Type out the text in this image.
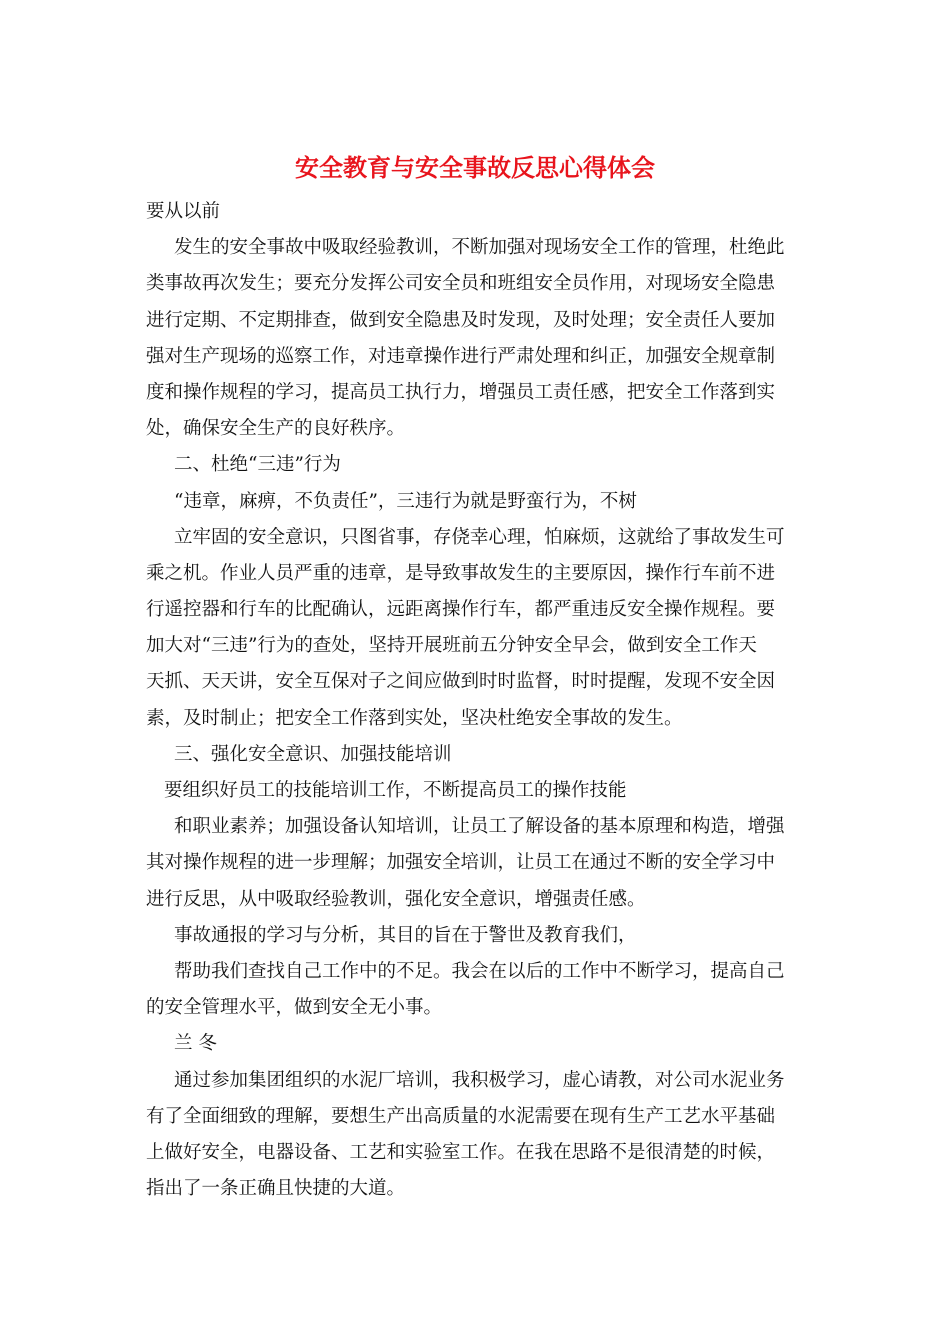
安全教育与安全事故反思心得体会

要从以前

发生的安全事故中吸取经验教训，不断加强对现场安全工作的管理，杜绝此

类事故再次发生；要充分发挥公司安全员和班组安全员作用，对现场安全隐患

进行定期、不定期排查，做到安全隐患及时发现，及时处理；安全责任人要加

强对生产现场的巡察工作，对违章操作进行严肃处理和纠正，加强安全规章制

度和操作规程的学习，提高员工执行力，增强员工责任感，把安全工作落到实

处，确保安全生产的良好秩序。

二、杜绝“三违”行为

“违章，麻痹，不负责任”，三违行为就是野蛮行为，不树

立牢固的安全意识，只图省事，存侥幸心理，怕麻烦，这就给了事故发生可

乘之机。作业人员严重的违章，是导致事故发生的主要原因，操作行车前不进

行遥控器和行车的比配确认，远距离操作行车，都严重违反安全操作规程。要

加大对“三违”行为的查处，坚持开展班前五分钟安全早会，做到安全工作天

天抓、天天讲，安全互保对子之间应做到时时监督，时时提醒，发现不安全因

素，及时制止；把安全工作落到实处，坚决杜绝安全事故的发生。

三、强化安全意识、加强技能培训

要组织好员工的技能培训工作，不断提高员工的操作技能

和职业素养；加强设备认知培训，让员工了解设备的基本原理和构造，增强

其对操作规程的进一步理解；加强安全培训，让员工在通过不断的安全学习中

进行反思，从中吸取经验教训，强化安全意识，增强责任感。

事故通报的学习与分析，其目的旨在于警世及教育我们，

帮助我们查找自己工作中的不足。我会在以后的工作中不断学习，提高自己

的安全管理水平，做到安全无小事。

兰 冬

通过参加集团组织的水泥厂培训，我积极学习，虚心请教，对公司水泥业务

有了全面细致的理解，要想生产出高质量的水泥需要在现有生产工艺水平基础

上做好安全，电器设备、工艺和实验室工作。在我在思路不是很清楚的时候，

指出了一条正确且快捷的大道。
